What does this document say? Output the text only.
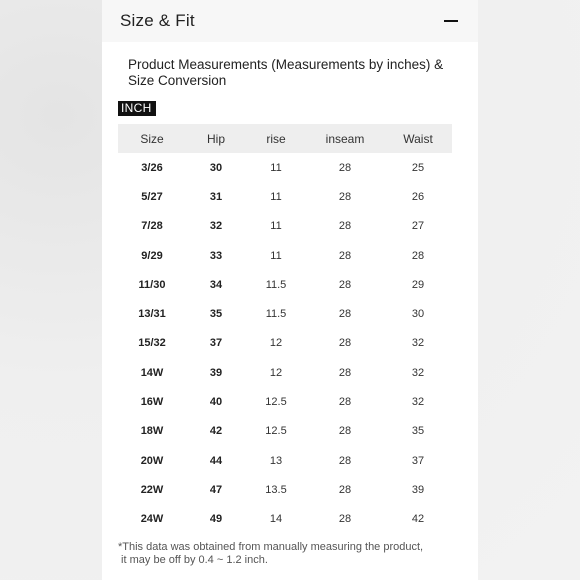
Size & Fit
Product Measurements (Measurements by inches) & Size Conversion
INCH
Size	Hip	rise	inseam	Waist
3/26	30	11	28	25
5/27	31	11	28	26
7/28	32	11	28	27
9/29	33	11	28	28
11/30	34	11.5	28	29
13/31	35	11.5	28	30
15/32	37	12	28	32
14W	39	12	28	32
16W	40	12.5	28	32
18W	42	12.5	28	35
20W	44	13	28	37
22W	47	13.5	28	39
24W	49	14	28	42
*This data was obtained from manually measuring the product,
it may be off by 0.4 ~ 1.2 inch.
